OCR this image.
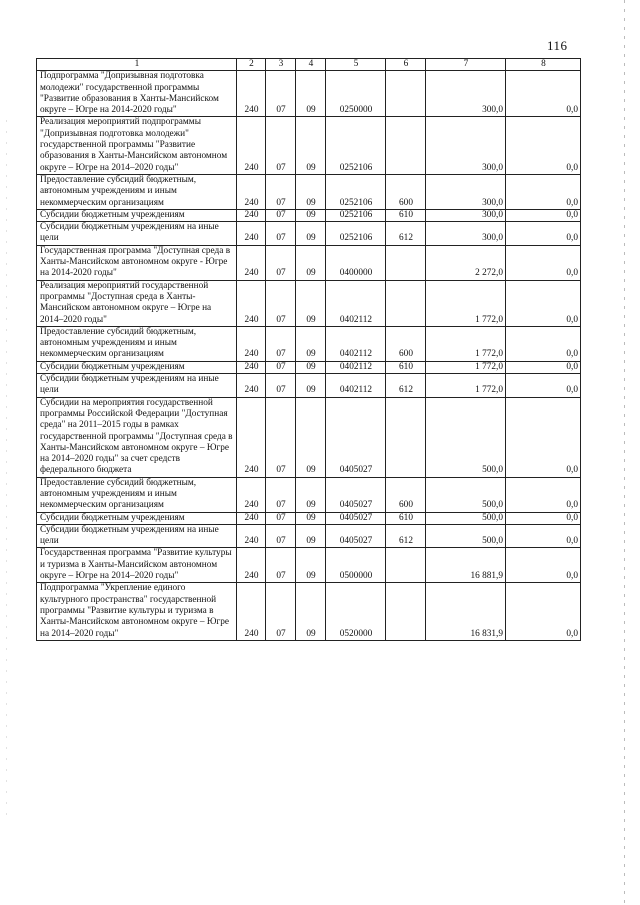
116
1	2	3	4	5	6	7	8
Подпрограмма "Допризывная подготовка молодежи" государственной программы "Развитие образования в Ханты-Мансийском округе – Югре на 2014-2020 годы"	240	07	09	0250000		300,0	0,0
Реализация мероприятий подпрограммы "Допризывная подготовка молодежи" государственной программы "Развитие образования в Ханты-Мансийском автономном округе – Югре на 2014–2020 годы"	240	07	09	0252106		300,0	0,0
Предоставление субсидий бюджетным, автономным учреждениям и иным некоммерческим организациям	240	07	09	0252106	600	300,0	0,0
Субсидии бюджетным учреждениям	240	07	09	0252106	610	300,0	0,0
Субсидии бюджетным учреждениям на иные цели	240	07	09	0252106	612	300,0	0,0
Государственная программа "Доступная среда в Ханты-Мансийском автономном округе - Югре на 2014-2020 годы"	240	07	09	0400000		2 272,0	0,0
Реализация мероприятий государственной программы "Доступная среда в Ханты-Мансийском автономном округе – Югре на 2014–2020 годы"	240	07	09	0402112		1 772,0	0,0
Предоставление субсидий бюджетным, автономным учреждениям и иным некоммерческим организациям	240	07	09	0402112	600	1 772,0	0,0
Субсидии бюджетным учреждениям	240	07	09	0402112	610	1 772,0	0,0
Субсидии бюджетным учреждениям на иные цели	240	07	09	0402112	612	1 772,0	0,0
Субсидии на мероприятия государственной программы Российской Федерации "Доступная среда" на 2011–2015 годы в рамках государственной программы "Доступная среда в Ханты-Мансийском автономном округе – Югре на 2014–2020 годы" за счет средств федерального бюджета	240	07	09	0405027		500,0	0,0
Предоставление субсидий бюджетным, автономным учреждениям и иным некоммерческим организациям	240	07	09	0405027	600	500,0	0,0
Субсидии бюджетным учреждениям	240	07	09	0405027	610	500,0	0,0
Субсидии бюджетным учреждениям на иные цели	240	07	09	0405027	612	500,0	0,0
Государственная программа "Развитие культуры и туризма в Ханты-Мансийском автономном округе – Югре на 2014–2020 годы"	240	07	09	0500000		16 881,9	0,0
Подпрограмма "Укрепление единого культурного пространства" государственной программы "Развитие культуры и туризма в Ханты-Мансийском автономном округе – Югре на 2014–2020 годы"	240	07	09	0520000		16 831,9	0,0
